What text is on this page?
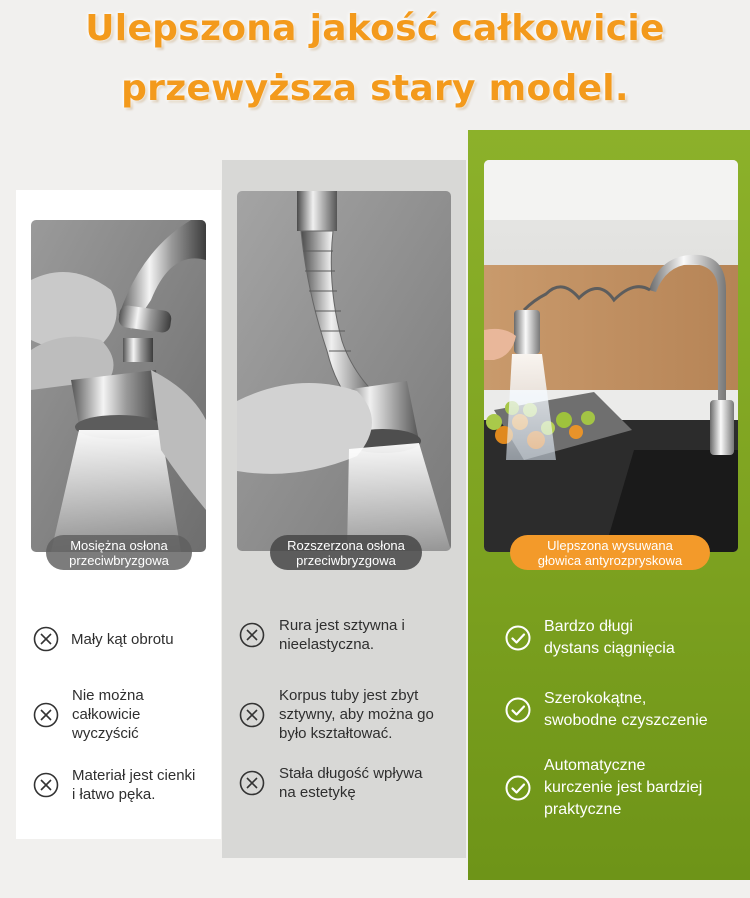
Ulepszona jakość całkowicie
przewyższa stary model.
Mosiężna osłona
przeciwbryzgowa
Rozszerzona osłona
przeciwbryzgowa
Ulepszona wysuwana
głowica antyrozpryskowa
Mały kąt obrotu
Nie można
całkowicie
wyczyścić
Materiał jest cienki
i łatwo pęka.
Rura jest sztywna i
nieelastyczna.
Korpus tuby jest zbyt
sztywny, aby można go
było kształtować.
Stała długość wpływa
na estetykę
Bardzo długi
dystans ciągnięcia
Szerokokątne,
swobodne czyszczenie
Automatyczne
kurczenie jest bardziej
praktyczne
